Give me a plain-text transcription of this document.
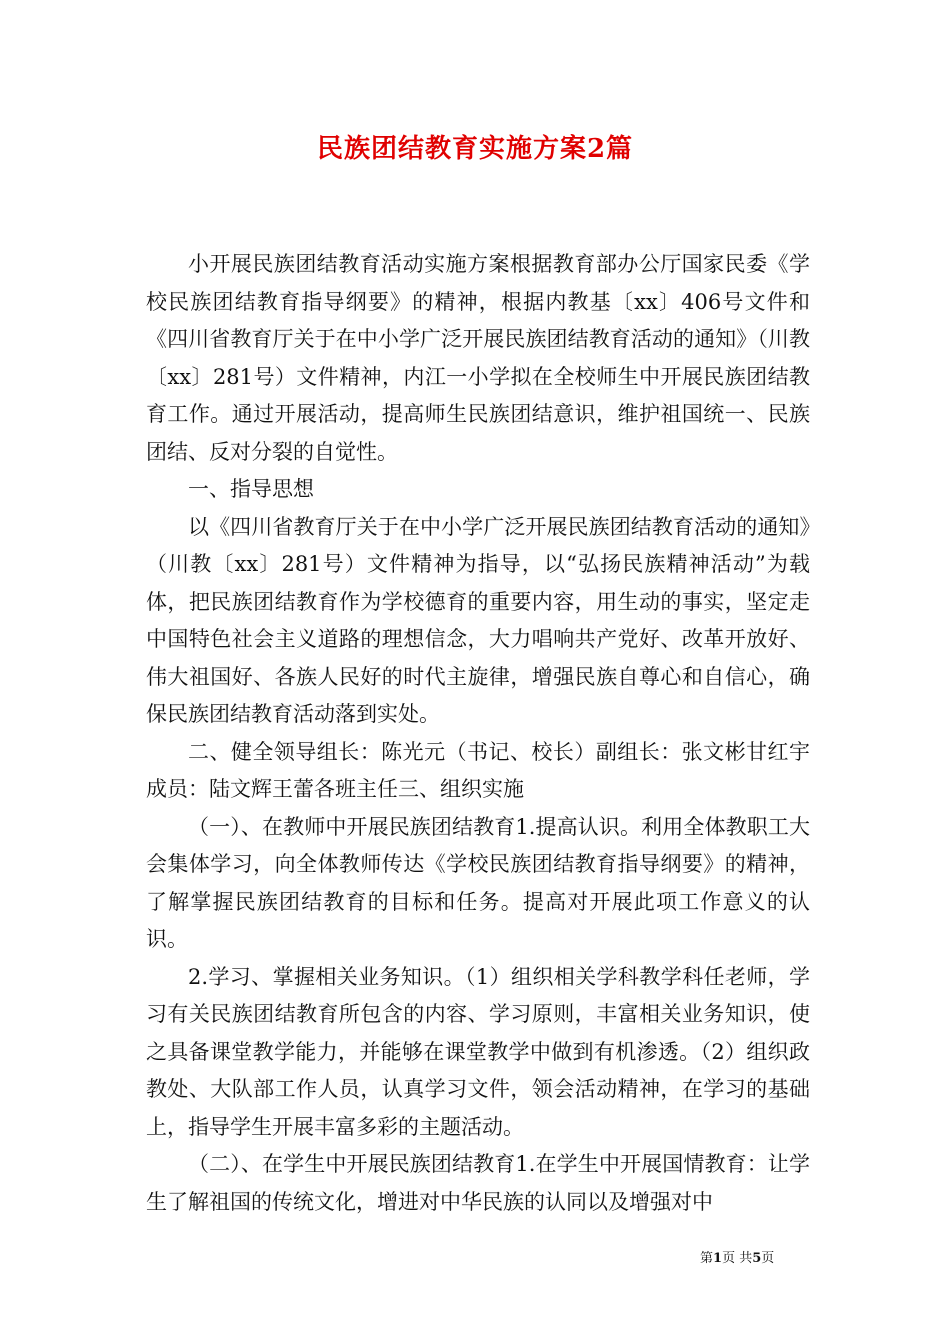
民族团结教育实施方案2篇

小开展民族团结教育活动实施方案根据教育部办公厅国家民委《学校民族团结教育指导纲要》的精神，根据内教基〔xx〕406号文件和《四川省教育厅关于在中小学广泛开展民族团结教育活动的通知》（川教〔xx〕281号）文件精神，内江一小学拟在全校师生中开展民族团结教育工作。通过开展活动，提高师生民族团结意识，维护祖国统一、民族团结、反对分裂的自觉性。

一、指导思想

以《四川省教育厅关于在中小学广泛开展民族团结教育活动的通知》（川教〔xx〕281号）文件精神为指导，以“弘扬民族精神活动”为载体，把民族团结教育作为学校德育的重要内容，用生动的事实，坚定走中国特色社会主义道路的理想信念，大力唱响共产党好、改革开放好、伟大祖国好、各族人民好的时代主旋律，增强民族自尊心和自信心，确保民族团结教育活动落到实处。

二、健全领导组长：陈光元（书记、校长）副组长：张文彬甘红宇成员：陆文辉王蕾各班主任三、组织实施

（一）、在教师中开展民族团结教育1.提高认识。利用全体教职工大会集体学习，向全体教师传达《学校民族团结教育指导纲要》的精神，了解掌握民族团结教育的目标和任务。提高对开展此项工作意义的认识。

2.学习、掌握相关业务知识。（1）组织相关学科教学科任老师，学习有关民族团结教育所包含的内容、学习原则，丰富相关业务知识，使之具备课堂教学能力，并能够在课堂教学中做到有机渗透。（2）组织政教处、大队部工作人员，认真学习文件，领会活动精神，在学习的基础上，指导学生开展丰富多彩的主题活动。

（二）、在学生中开展民族团结教育1.在学生中开展国情教育：让学生了解祖国的传统文化，增进对中华民族的认同以及增强对中

第1页 共5页
